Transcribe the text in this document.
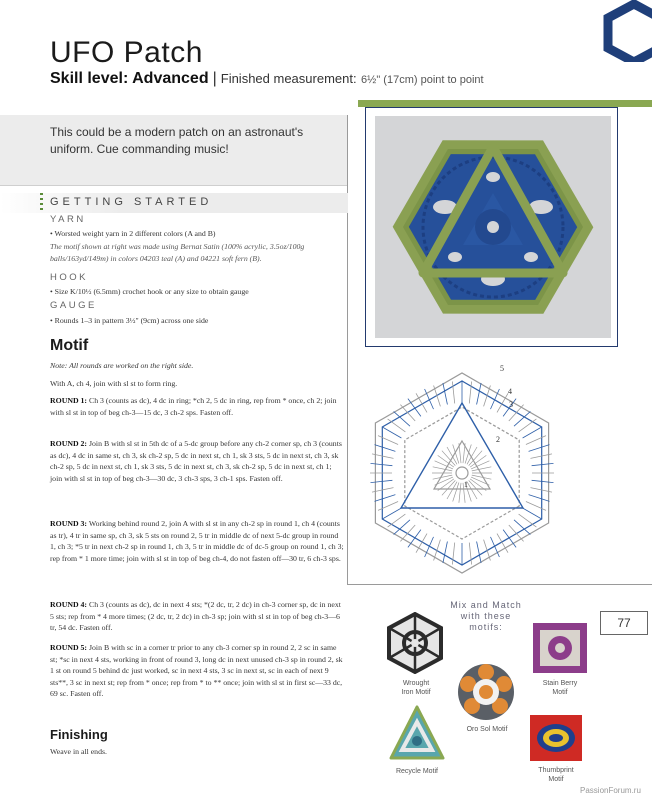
UFO Patch
Skill level: Advanced | Finished measurement: 6½" (17cm) point to point
This could be a modern patch on an astronaut's uniform. Cue commanding music!
GETTING STARTED
YARN
• Worsted weight yarn in 2 different colors (A and B)
The motif shown at right was made using Bernat Satin (100% acrylic, 3.5oz/100g balls/163yd/149m) in colors 04203 teal (A) and 04221 soft fern (B).
HOOK
• Size K/10½ (6.5mm) crochet hook or any size to obtain gauge
GAUGE
• Rounds 1–3 in pattern 3½" (9cm) across one side
Motif
Note: All rounds are worked on the right side.
With A, ch 4, join with sl st to form ring.
ROUND 1: Ch 3 (counts as dc), 4 dc in ring; *ch 2, 5 dc in ring, rep from * once, ch 2; join with sl st in top of beg ch-3—15 dc, 3 ch-2 sps. Fasten off.
ROUND 2: Join B with sl st in 5th dc of a 5-dc group before any ch-2 corner sp, ch 3 (counts as dc), 4 dc in same st, ch 3, sk ch-2 sp, 5 dc in next st, ch 1, sk 3 sts, 5 dc in next st, ch 3, sk ch-2 sp, 5 dc in next st, ch 1, sk 3 sts, 5 dc in next st, ch 3, sk ch-2 sp, 5 dc in next st, ch 1; join with sl st in top of beg ch-3—30 dc, 3 ch-3 sps, 3 ch-1 sps. Fasten off.
ROUND 3: Working behind round 2, join A with sl st in any ch-2 sp in round 1, ch 4 (counts as tr), 4 tr in same sp, ch 3, sk 5 sts on round 2, 5 tr in middle dc of next 5-dc group in round 1, ch 3; *5 tr in next ch-2 sp in round 1, ch 3, 5 tr in middle dc of dc-5 group on round 1, ch 3; rep from * 1 more time; join with sl st in top of beg ch-4, do not fasten off—30 tr, 6 ch-3 sps.
ROUND 4: Ch 3 (counts as dc), dc in next 4 sts; *(2 dc, tr, 2 dc) in ch-3 corner sp, dc in next 5 sts; rep from * 4 more times; (2 dc, tr, 2 dc) in ch-3 sp; join with sl st in top of beg ch-3—6 tr, 54 dc. Fasten off.
ROUND 5: Join B with sc in a corner tr prior to any ch-3 corner sp in round 2, 2 sc in same st; *sc in next 4 sts, working in front of round 3, long dc in next unused ch-3 sp in round 2, sk 1 st on round 5 behind dc just worked, sc in next 4 sts, 3 sc in next st, sc in each of next 9 sts**, 3 sc in next st; rep from * once; rep from * to ** once; join with sl st in first sc—33 dc, 69 sc. Fasten off.
Finishing
Weave in all ends.
5
4
3
2
1
77
Mix and Match
with these
motifs:
Wrought
Iron Motif
Oro Sol Motif
Stain Berry
Motif
Recycle Motif	Thumbprint
Motif
PassionForum.ru
